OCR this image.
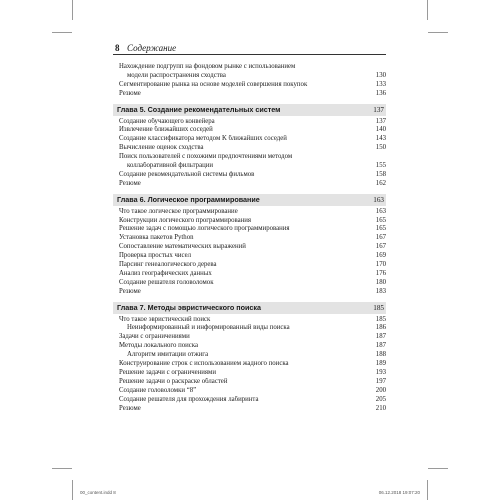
8 Содержание
Нахождение подгрупп на фондовом рынке с использованием
модели распространения сходства	130
Сегментирование рынка на основе моделей совершения покупок	133
Резюме	136
Глава 5. Создание рекомендательных систем	137
Создание обучающего конвейера	137
Извлечение ближайших соседей	140
Создание классификатора методом K ближайших соседей	143
Вычисление оценок сходства	150
Поиск пользователей с похожими предпочтениями методом
коллаборативной фильтрации	155
Создание рекомендательной системы фильмов	158
Резюме	162
Глава 6. Логическое программирование	163
Что такое логическое программирование	163
Конструкции логического программирования	165
Решение задач с помощью логического программирования	165
Установка пакетов Python	167
Сопоставление математических выражений	167
Проверка простых чисел	169
Парсинг генеалогического дерева	170
Анализ географических данных	176
Создание решателя головоломок	180
Резюме	183
Глава 7. Методы эвристического поиска	185
Что такое эвристический поиск	185
Неинформированный и информированный виды поиска	186
Задачи с ограничениями	187
Методы локального поиска	187
Алгоритм имитации отжига	188
Конструирование строк с использованием жадного поиска	189
Решение задачи с ограничениями	193
Решение задачи о раскраске областей	197
Создание головоломки “8”	200
Создание решателя для прохождения лабиринта	205
Резюме	210
00_content.indd 8	06.12.2018 19:07:20
